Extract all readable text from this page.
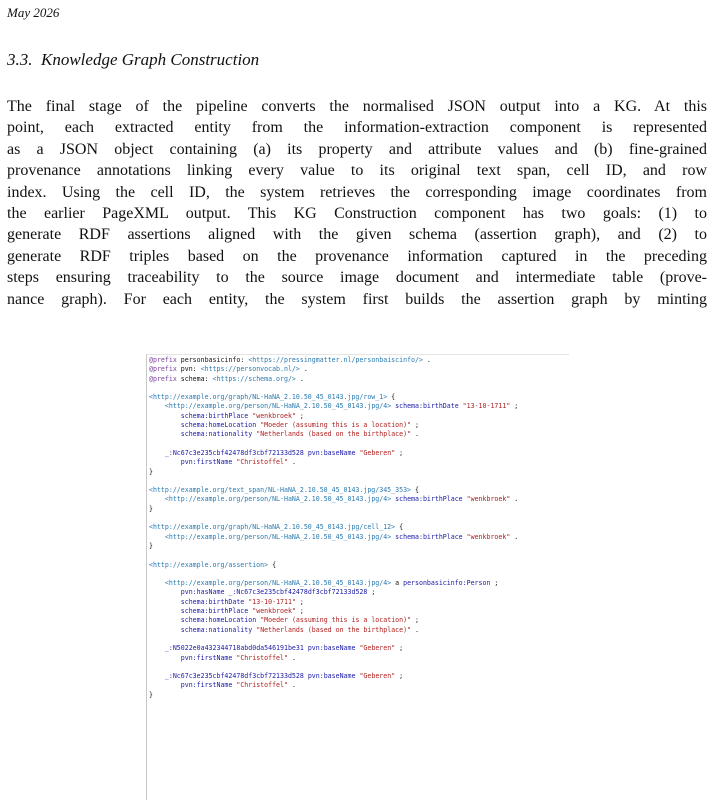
May 2026
3.3. Knowledge Graph Construction

The final stage of the pipeline converts the normalised JSON output into a KG. At this
point, each extracted entity from the information-extraction component is represented
as a JSON object containing (a) its property and attribute values and (b) fine-grained
provenance annotations linking every value to its original text span, cell ID, and row
index. Using the cell ID, the system retrieves the corresponding image coordinates from
the earlier PageXML output. This KG Construction component has two goals: (1) to
generate RDF assertions aligned with the given schema (assertion graph), and (2) to
generate RDF triples based on the provenance information captured in the preceding
steps ensuring traceability to the source image document and intermediate table (prove-
nance graph). For each entity, the system first builds the assertion graph by minting

@prefix personbasicinfo: <https://pressingmatter.nl/personbaiscinfo/> .
@prefix pvn: <https://personvocab.nl/> .
@prefix schema: <https://schema.org/> .
<http://example.org/graph/NL-HaNA_2.10.50_45_0143.jpg/row_1> {
<http://example.org/person/NL-HaNA_2.10.50_45_0143.jpg/4> schema:birthDate "13-10-1711" ;
schema:birthPlace "wenkbroek" ;
schema:homeLocation "Moeder (assuming this is a location)" ;
schema:nationality "Netherlands (based on the birthplace)" .
_:Nc67c3e235cbf42478df3cbf72133d528 pvn:baseName "Geberen" ;
pvn:firstName "Christoffel" .
}
<http://example.org/text_span/NL-HaNA_2.10.50_45_0143.jpg/345_353> {
<http://example.org/person/NL-HaNA_2.10.50_45_0143.jpg/4> schema:birthPlace "wenkbroek" .
}
<http://example.org/graph/NL-HaNA_2.10.50_45_0143.jpg/cell_12> {
<http://example.org/person/NL-HaNA_2.10.50_45_0143.jpg/4> schema:birthPlace "wenkbroek" .
}
<http://example.org/assertion> {
<http://example.org/person/NL-HaNA_2.10.50_45_0143.jpg/4> a personbasicinfo:Person ;
pvn:hasName _:Nc67c3e235cbf42478df3cbf72133d528 ;
schema:birthDate "13-10-1711" ;
schema:birthPlace "wenkbroek" ;
schema:homeLocation "Moeder (assuming this is a location)" ;
schema:nationality "Netherlands (based on the birthplace)" .
_:N5022e0a432344718abd0da546191be31 pvn:baseName "Geberen" ;
pvn:firstName "Christoffel" .
_:Nc67c3e235cbf42478df3cbf72133d528 pvn:baseName "Geberen" ;
pvn:firstName "Christoffel" .
}
